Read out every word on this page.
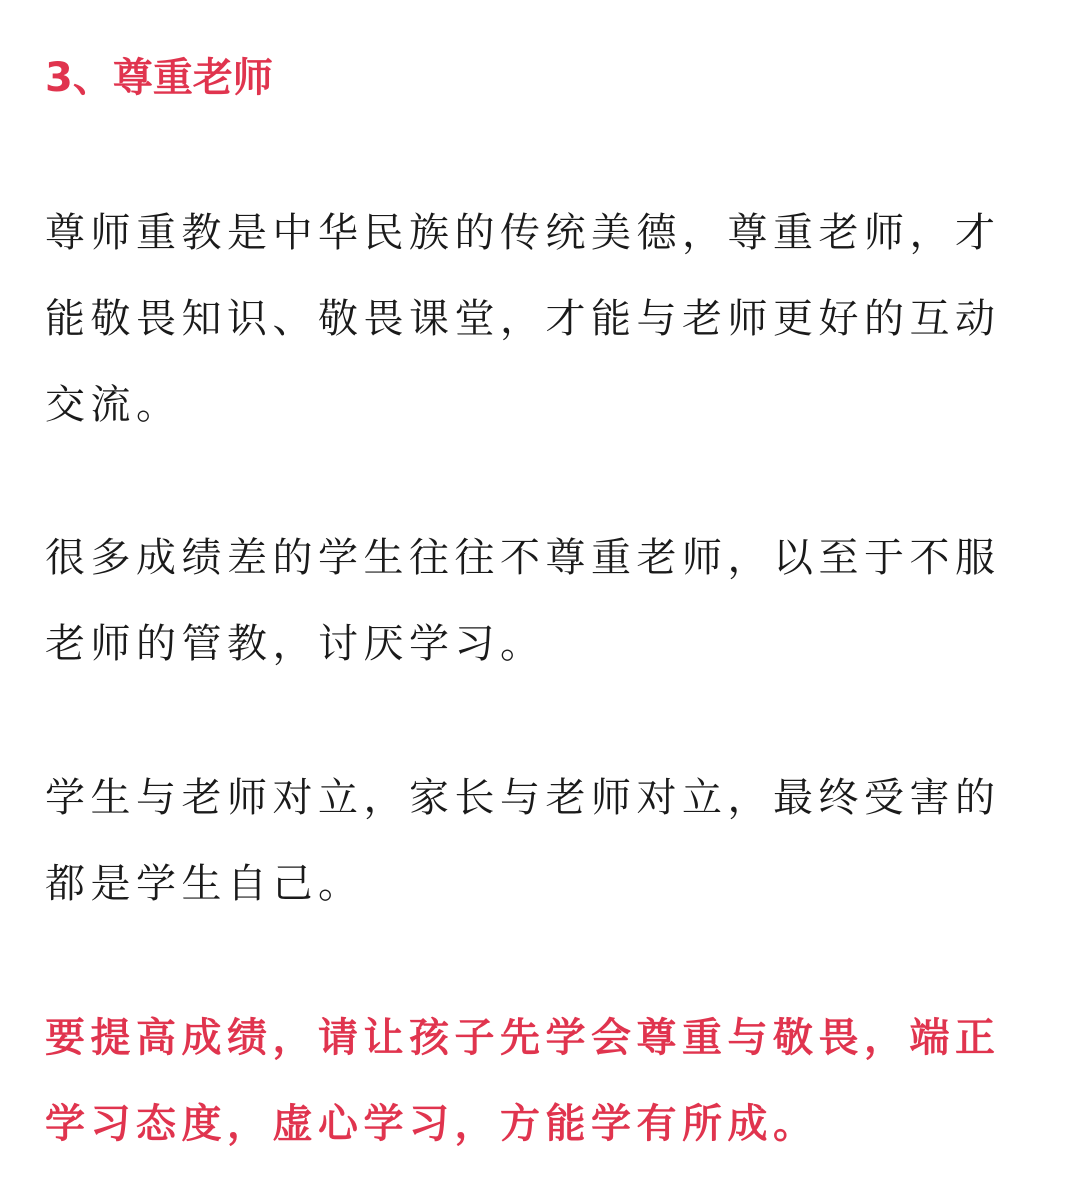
3、尊重老师

尊师重教是中华民族的传统美德，尊重老师，才
能敬畏知识、敬畏课堂，才能与老师更好的互动
交流。

很多成绩差的学生往往不尊重老师，以至于不服
老师的管教，讨厌学习。

学生与老师对立，家长与老师对立，最终受害的
都是学生自己。

要提高成绩，请让孩子先学会尊重与敬畏，端正
学习态度，虚心学习，方能学有所成。
